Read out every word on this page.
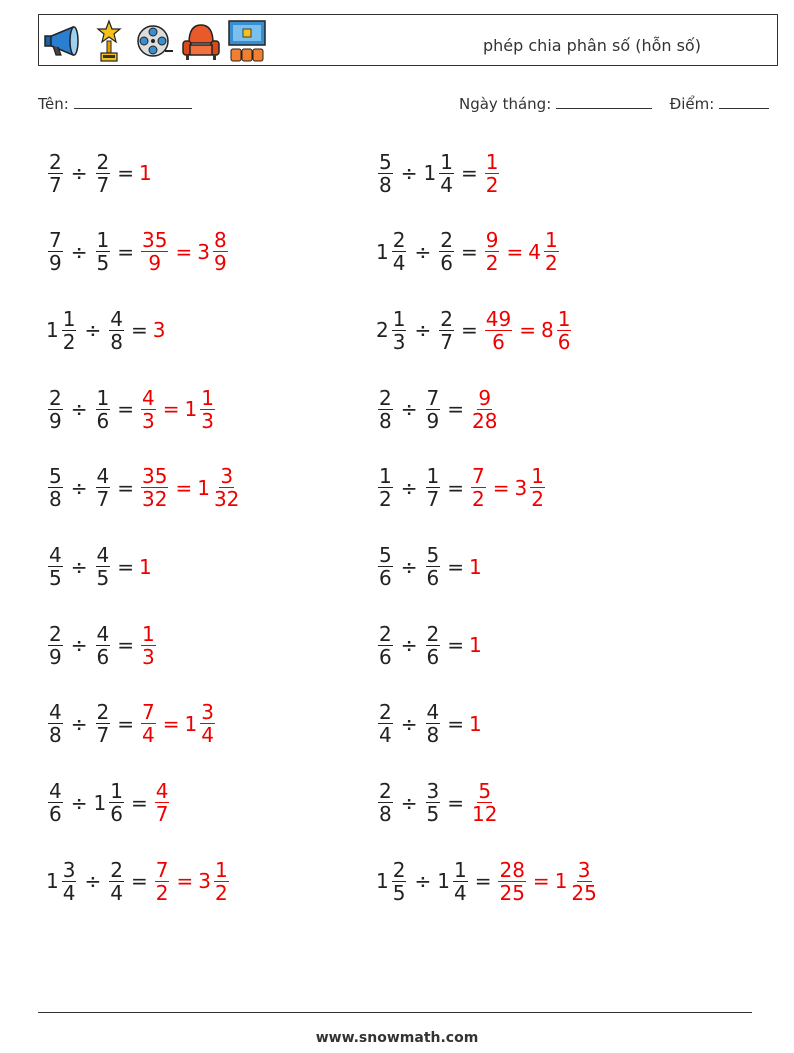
phép chia phân số (hỗn số)
Tên:	Ngày tháng:	Điểm:
$\frac{2}{7} \div \frac{2}{7} = 1$	$\frac{5}{8} \div 1 \frac{1}{4} = \frac{1}{2}$
$\frac{7}{9} \div \frac{1}{5} = \frac{35}{9} = 3 \frac{8}{9}$	$1 \frac{2}{4} \div \frac{2}{6} = \frac{9}{2} = 4 \frac{1}{2}$
$1 \frac{1}{2} \div \frac{4}{8} = 3$	$2 \frac{1}{3} \div \frac{2}{7} = \frac{49}{6} = 8 \frac{1}{6}$
$\frac{2}{9} \div \frac{1}{6} = \frac{4}{3} = 1 \frac{1}{3}$	$\frac{2}{8} \div \frac{7}{9} = \frac{9}{28}$
$\frac{5}{8} \div \frac{4}{7} = \frac{35}{32} = 1 \frac{3}{32}$	$\frac{1}{2} \div \frac{1}{7} = \frac{7}{2} = 3 \frac{1}{2}$
$\frac{4}{5} \div \frac{4}{5} = 1$	$\frac{5}{6} \div \frac{5}{6} = 1$
$\frac{2}{9} \div \frac{4}{6} = \frac{1}{3}$	$\frac{2}{6} \div \frac{2}{6} = 1$
$\frac{4}{8} \div \frac{2}{7} = \frac{7}{4} = 1 \frac{3}{4}$	$\frac{2}{4} \div \frac{4}{8} = 1$
$\frac{4}{6} \div 1 \frac{1}{6} = \frac{4}{7}$	$\frac{2}{8} \div \frac{3}{5} = \frac{5}{12}$
$1 \frac{3}{4} \div \frac{2}{4} = \frac{7}{2} = 3 \frac{1}{2}$	$1 \frac{2}{5} \div 1 \frac{1}{4} = \frac{28}{25} = 1 \frac{3}{25}$
www.snowmath.com
